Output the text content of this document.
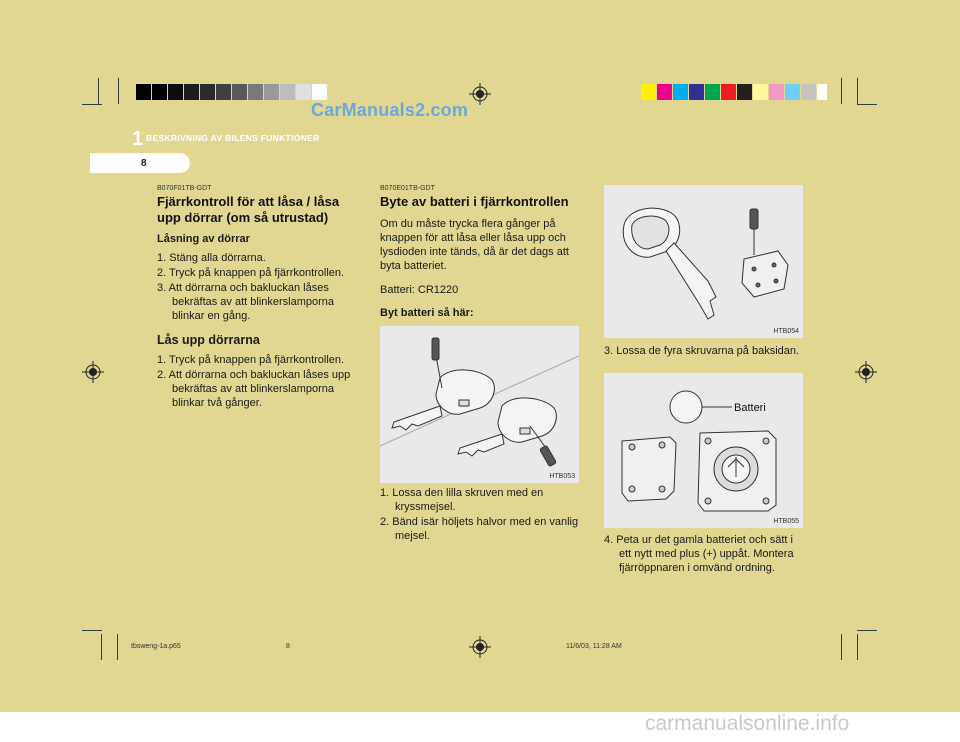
CarManuals2.com
1 BESKRIVNING AV BILENS FUNKTIONER
8
B070F01TB-GDT
Fjärrkontroll för att låsa / låsa upp dörrar (om så utrustad)
Låsning av dörrar
1. Stäng alla dörrarna.
2. Tryck på knappen på fjärrkontrollen.
3. Att dörrarna och bakluckan låses bekräftas av att blinkerslamporna blinkar en gång.
Lås upp dörrarna
1. Tryck på knappen på fjärrkontrollen.
2. Att dörrarna och bakluckan låses upp bekräftas av att blinkerslamporna blinkar två gånger.
B070E01TB-GDT
Byte av batteri i fjärrkontrollen

Om du måste trycka flera gånger på knappen för att låsa eller låsa upp och lysdioden inte tänds, då är det dags att byta batteriet.

Batteri: CR1220

Byt batteri så här:
HTB053
1. Lossa den lilla skruven med en kryssmejsel.
2. Bänd isär höljets halvor med en vanlig mejsel.
HTB054
3. Lossa de fyra skruvarna på baksidan.
Batteri
HTB055
4. Peta ur det gamla batteriet och sätt i ett nytt med plus (+) uppåt. Montera fjärröppnaren i omvänd ordning.
tbsweng-1a.p65	8	11/6/03, 11:28 AM
carmanualsonline.info
